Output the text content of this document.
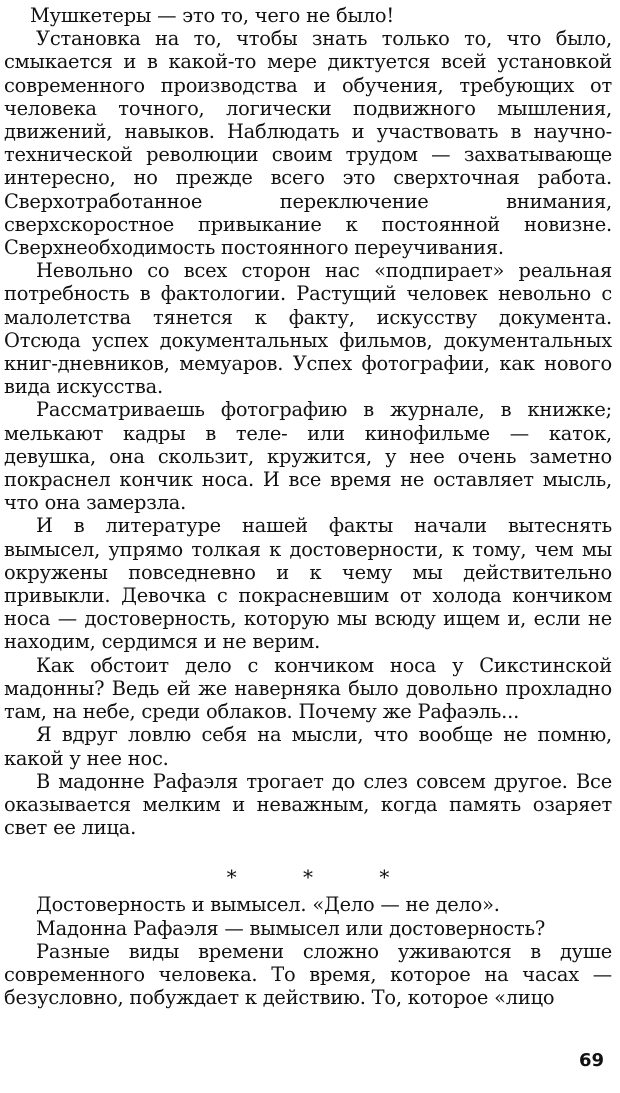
Мушкетеры — это то, чего не было!

Установка на то, чтобы знать только то, что было, смыкается и в какой-то мере диктуется всей установкой современного производства и обучения, требующих от человека точного, логически подвижного мышления, движений, навыков. Наблюдать и участвовать в научно-технической революции своим трудом — захватывающе интересно, но прежде всего это сверхточная работа. Сверхотработанное переключение внимания, сверхскоростное привыкание к постоянной новизне. Сверхнеобходимость постоянного переучивания.

Невольно со всех сторон нас «подпирает» реальная потребность в фактологии. Растущий человек невольно с малолетства тянется к факту, искусству документа. Отсюда успех документальных фильмов, документальных книг-дневников, мемуаров. Успех фотографии, как нового вида искусства.

Рассматриваешь фотографию в журнале, в книжке; мелькают кадры в теле- или кинофильме — каток, девушка, она скользит, кружится, у нее очень заметно покраснел кончик носа. И все время не оставляет мысль, что она замерзла.

И в литературе нашей факты начали вытеснять вымысел, упрямо толкая к достоверности, к тому, чем мы окружены повседневно и к чему мы действительно привыкли. Девочка с покрасневшим от холода кончиком носа — достоверность, которую мы всюду ищем и, если не находим, сердимся и не верим.

Как обстоит дело с кончиком носа у Сикстинской мадонны? Ведь ей же наверняка было довольно прохладно там, на небе, среди облаков. Почему же Рафаэль...

Я вдруг ловлю себя на мысли, что вообще не помню, какой у нее нос.

В мадонне Рафаэля трогает до слез совсем другое. Все оказывается мелким и неважным, когда память озаряет свет ее лица.

* * *

Достоверность и вымысел. «Дело — не дело».

Мадонна Рафаэля — вымысел или достоверность?

Разные виды времени сложно уживаются в душе современного человека. То время, которое на часах — безусловно, побуждает к действию. То, которое «лицо

69
